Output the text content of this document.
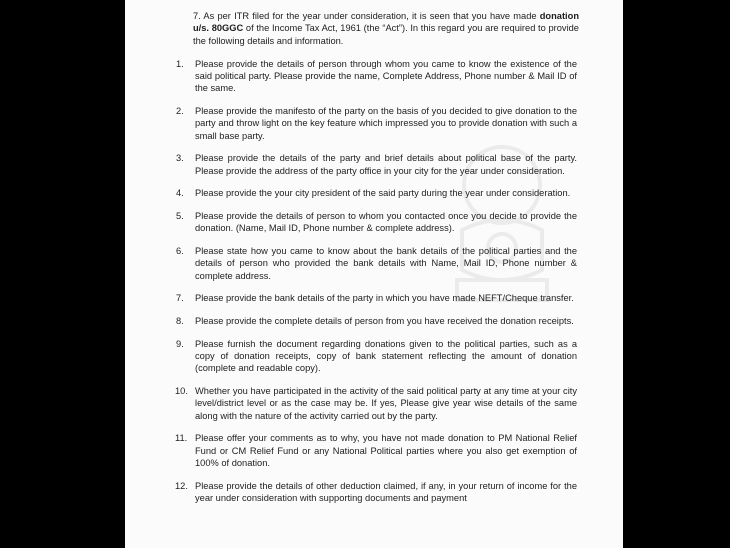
7. As per ITR filed for the year under consideration, it is seen that you have made donation u/s. 80GGC of the Income Tax Act, 1961 (the “Act”). In this regard you are required to provide the following details and information.

1. Please provide the details of person through whom you came to know the existence of the said political party. Please provide the name, Complete Address, Phone number & Mail ID of the same.
2. Please provide the manifesto of the party on the basis of you decided to give donation to the party and throw light on the key feature which impressed you to provide donation with such a small base party.
3. Please provide the details of the party and brief details about political base of the party. Please provide the address of the party office in your city for the year under consideration.
4. Please provide the your city president of the said party during the year under consideration.
5. Please provide the details of person to whom you contacted once you decide to provide the donation. (Name, Mail ID, Phone number & complete address).
6. Please state how you came to know about the bank details of the political parties and the details of person who provided the bank details with Name, Mail ID, Phone number & complete address.
7. Please provide the bank details of the party in which you have made NEFT/Cheque transfer.
8. Please provide the complete details of person from you have received the donation receipts.
9. Please furnish the document regarding donations given to the political parties, such as a copy of donation receipts, copy of bank statement reflecting the amount of donation (complete and readable copy).
10. Whether you have participated in the activity of the said political party at any time at your city level/district level or as the case may be. If yes, Please give year wise details of the same along with the nature of the activity carried out by the party.
11. Please offer your comments as to why, you have not made donation to PM National Relief Fund or CM Relief Fund or any National Political parties where you also get exemption of 100% of donation.
12. Please provide the details of other deduction claimed, if any, in your return of income for the year under consideration with supporting documents and payment
